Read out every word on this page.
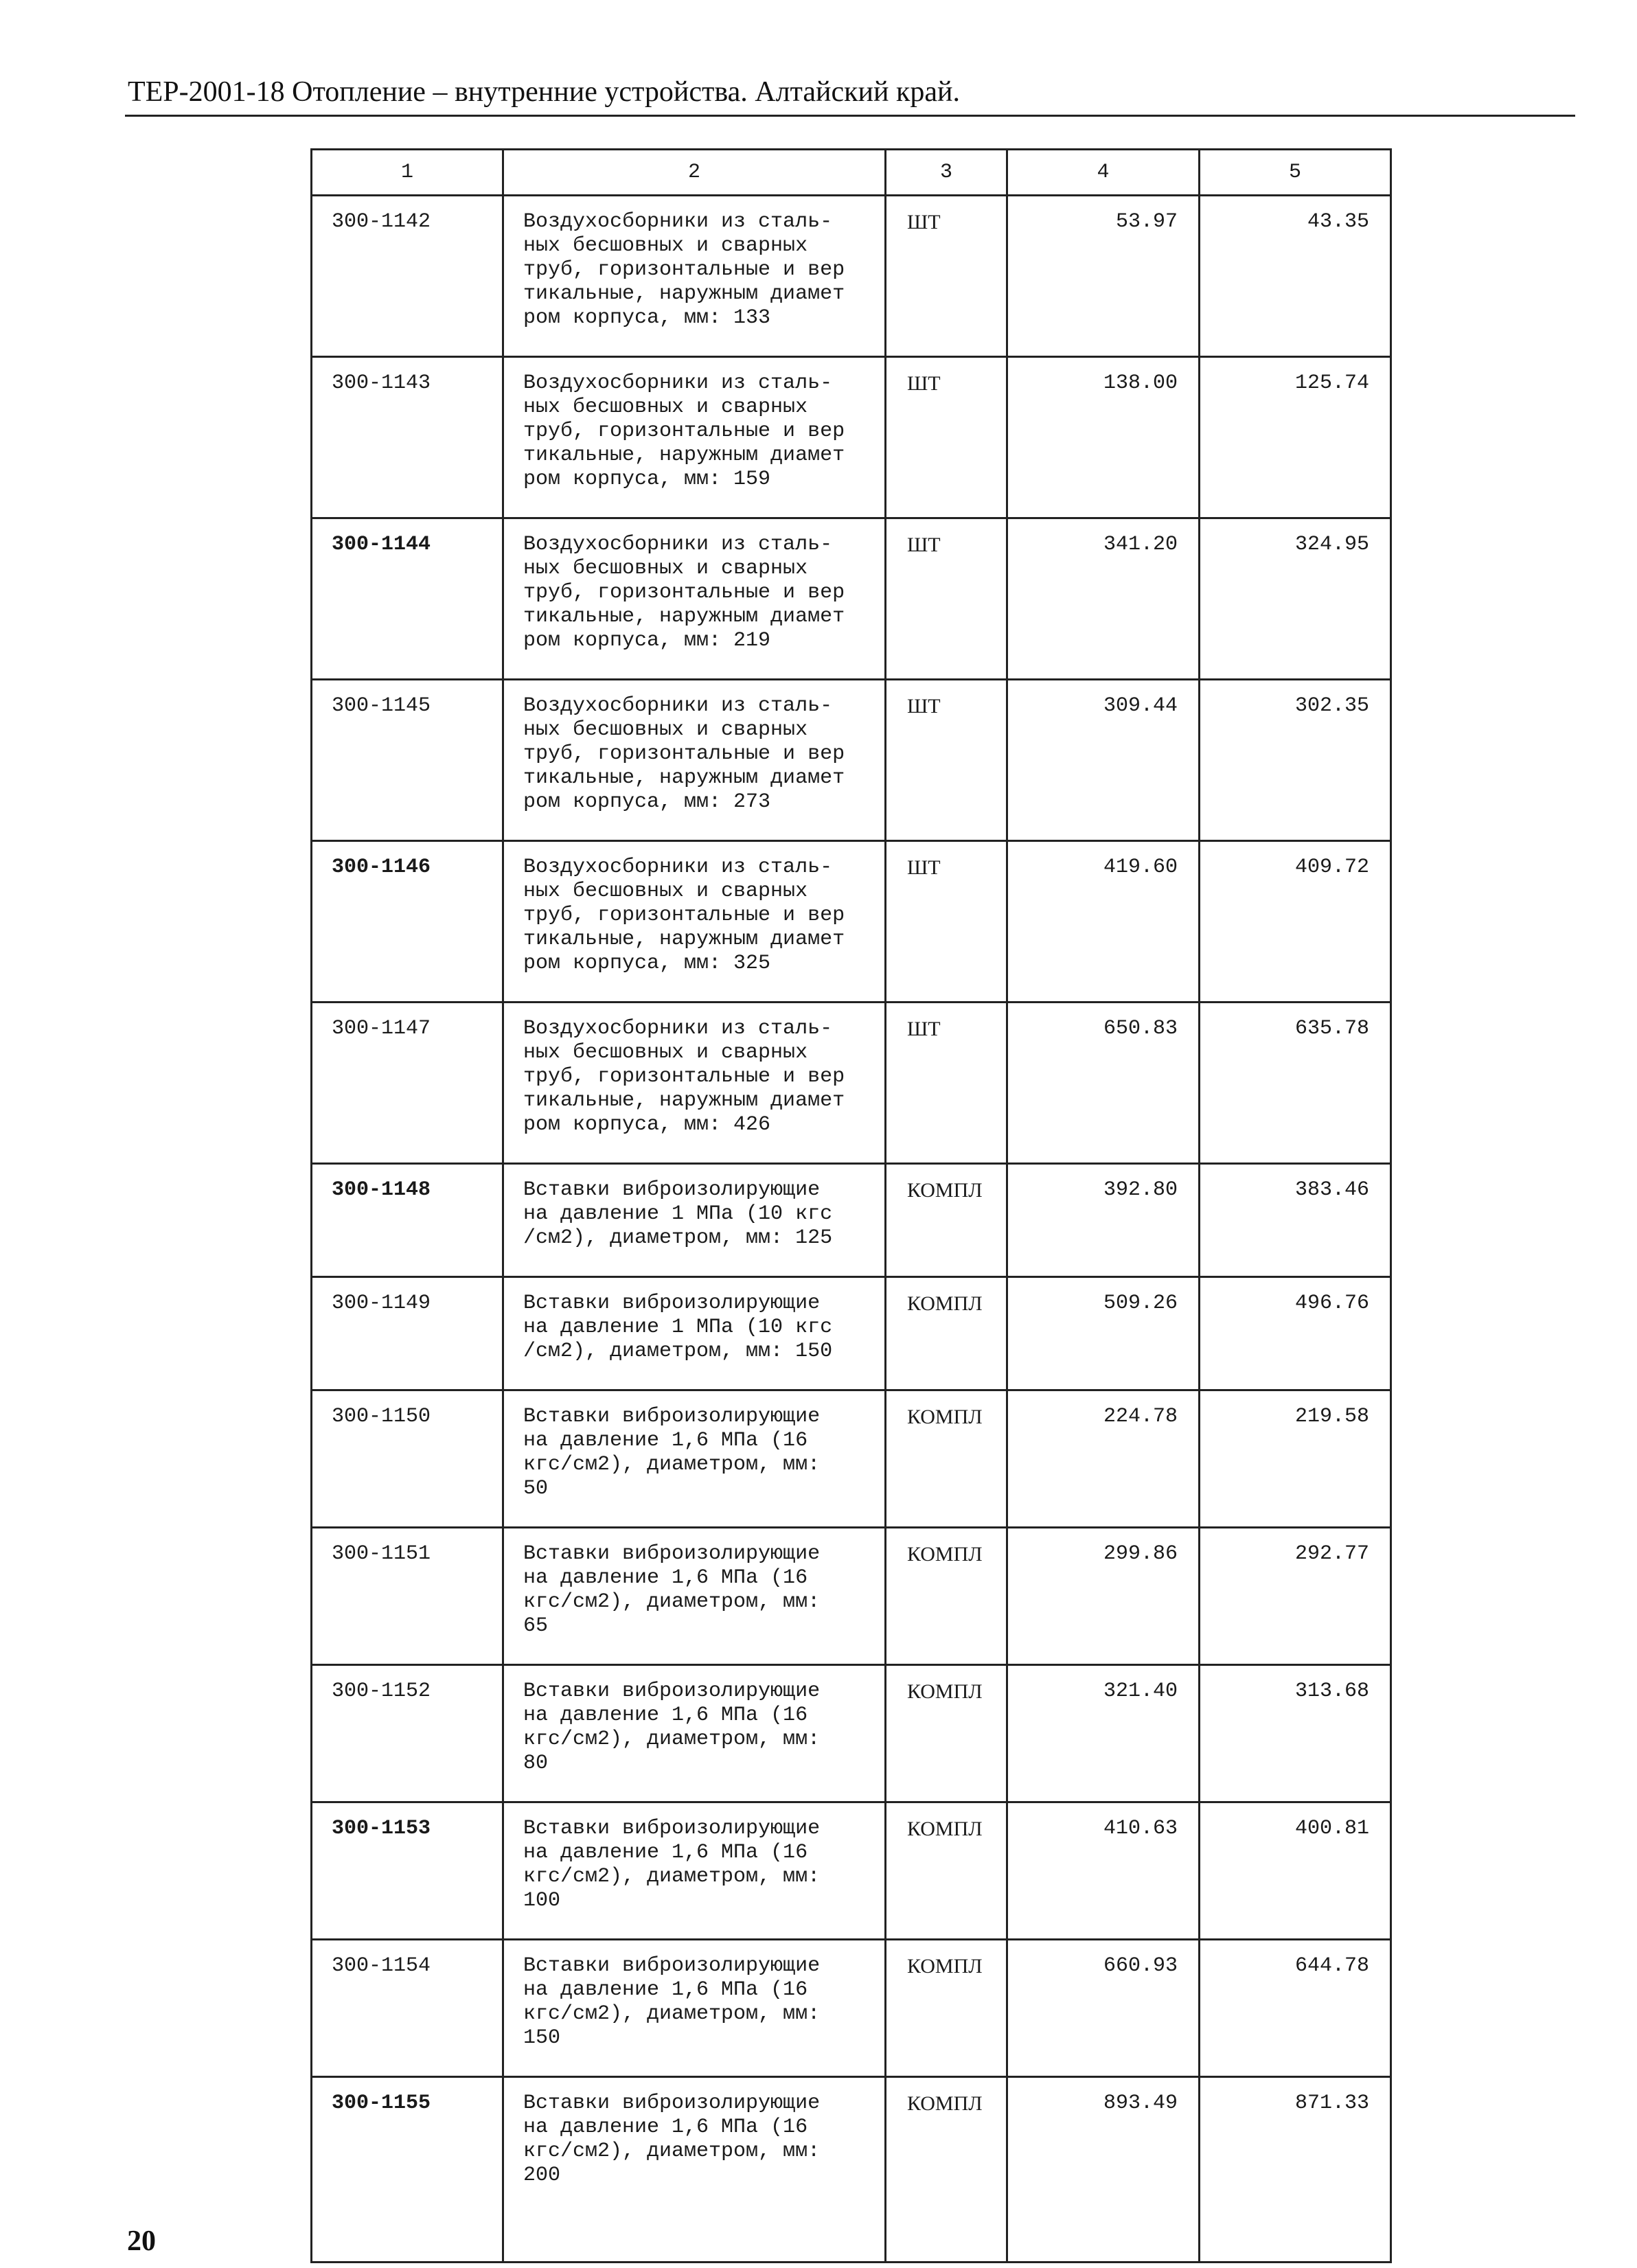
ТЕР-2001-18 Отопление – внутренние устройства. Алтайский край.
1	2	3	4	5
300-1142	Воздухосборники из сталь-
ных бесшовных и сварных
труб, горизонтальные и вер
тикальные, наружным диамет
ром корпуса, мм: 133	ШТ	53.97	43.35
300-1143	Воздухосборники из сталь-
ных бесшовных и сварных
труб, горизонтальные и вер
тикальные, наружным диамет
ром корпуса, мм: 159	ШТ	138.00	125.74
300-1144	Воздухосборники из сталь-
ных бесшовных и сварных
труб, горизонтальные и вер
тикальные, наружным диамет
ром корпуса, мм: 219	ШТ	341.20	324.95
300-1145	Воздухосборники из сталь-
ных бесшовных и сварных
труб, горизонтальные и вер
тикальные, наружным диамет
ром корпуса, мм: 273	ШТ	309.44	302.35
300-1146	Воздухосборники из сталь-
ных бесшовных и сварных
труб, горизонтальные и вер
тикальные, наружным диамет
ром корпуса, мм: 325	ШТ	419.60	409.72
300-1147	Воздухосборники из сталь-
ных бесшовных и сварных
труб, горизонтальные и вер
тикальные, наружным диамет
ром корпуса, мм: 426	ШТ	650.83	635.78
300-1148	Вставки виброизолирующие
на давление 1 МПа (10 кгс
/см2), диаметром, мм: 125	КОМПЛ	392.80	383.46
300-1149	Вставки виброизолирующие
на давление 1 МПа (10 кгс
/см2), диаметром, мм: 150	КОМПЛ	509.26	496.76
300-1150	Вставки виброизолирующие
на давление 1,6 МПа (16
кгс/см2), диаметром, мм:
50	КОМПЛ	224.78	219.58
300-1151	Вставки виброизолирующие
на давление 1,6 МПа (16
кгс/см2), диаметром, мм:
65	КОМПЛ	299.86	292.77
300-1152	Вставки виброизолирующие
на давление 1,6 МПа (16
кгс/см2), диаметром, мм:
80	КОМПЛ	321.40	313.68
300-1153	Вставки виброизолирующие
на давление 1,6 МПа (16
кгс/см2), диаметром, мм:
100	КОМПЛ	410.63	400.81
300-1154	Вставки виброизолирующие
на давление 1,6 МПа (16
кгс/см2), диаметром, мм:
150	КОМПЛ	660.93	644.78
300-1155	Вставки виброизолирующие
на давление 1,6 МПа (16
кгс/см2), диаметром, мм:
200	КОМПЛ	893.49	871.33
20
